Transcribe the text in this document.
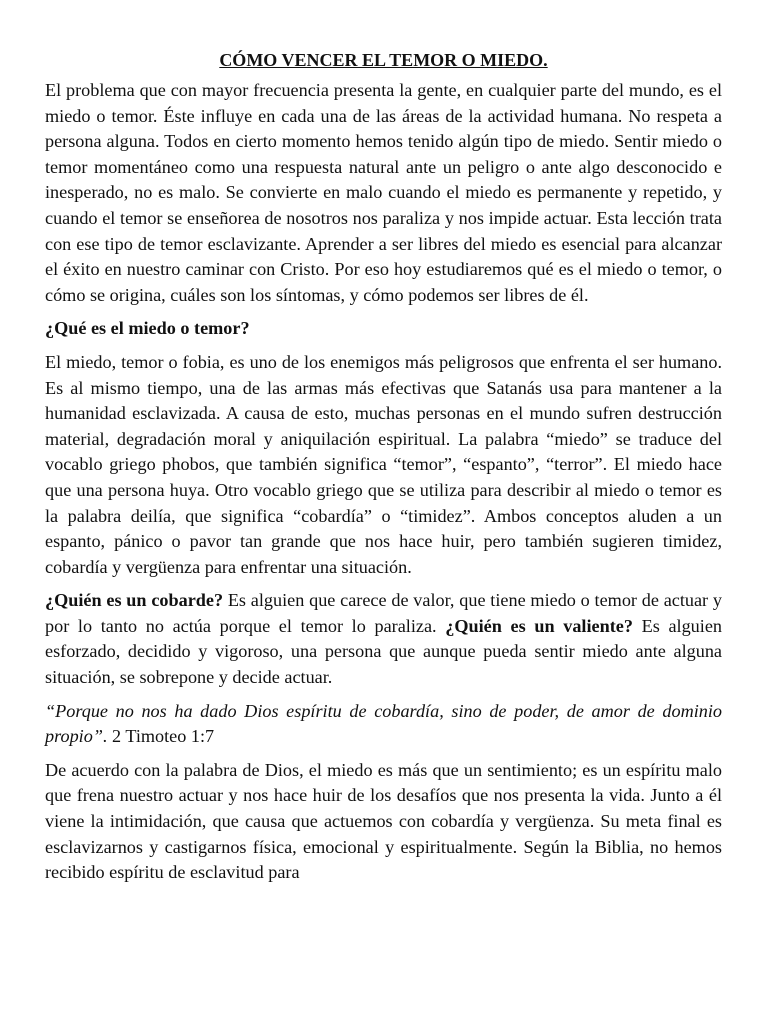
CÓMO VENCER EL TEMOR O MIEDO.

El problema que con mayor frecuencia presenta la gente, en cualquier parte del mundo, es el miedo o temor. Éste influye en cada una de las áreas de la actividad humana. No respeta a persona alguna. Todos en cierto momento hemos tenido algún tipo de miedo. Sentir miedo o temor momentáneo como una respuesta natural ante un peligro o ante algo desconocido e inesperado, no es malo. Se convierte en malo cuando el miedo es permanente y repetido, y cuando el temor se enseñorea de nosotros nos paraliza y nos impide actuar. Esta lección trata con ese tipo de temor esclavizante. Aprender a ser libres del miedo es esencial para alcanzar el éxito en nuestro caminar con Cristo. Por eso hoy estudiaremos qué es el miedo o temor, o cómo se origina, cuáles son los síntomas, y cómo podemos ser libres de él.

¿Qué es el miedo o temor?

El miedo, temor o fobia, es uno de los enemigos más peligrosos que enfrenta el ser humano. Es al mismo tiempo, una de las armas más efectivas que Satanás usa para mantener a la humanidad esclavizada. A causa de esto, muchas personas en el mundo sufren destrucción material, degradación moral y aniquilación espiritual. La palabra “miedo” se traduce del vocablo griego phobos, que también significa “temor”, “espanto”, “terror”. El miedo hace que una persona huya. Otro vocablo griego que se utiliza para describir al miedo o temor es la palabra deilía, que significa “cobardía” o “timidez”. Ambos conceptos aluden a un espanto, pánico o pavor tan grande que nos hace huir, pero también sugieren timidez, cobardía y vergüenza para enfrentar una situación.

¿Quién es un cobarde? Es alguien que carece de valor, que tiene miedo o temor de actuar y por lo tanto no actúa porque el temor lo paraliza. ¿Quién es un valiente? Es alguien esforzado, decidido y vigoroso, una persona que aunque pueda sentir miedo ante alguna situación, se sobrepone y decide actuar.

“Porque no nos ha dado Dios espíritu de cobardía, sino de poder, de amor de dominio propio”. 2 Timoteo 1:7

De acuerdo con la palabra de Dios, el miedo es más que un sentimiento; es un espíritu malo que frena nuestro actuar y nos hace huir de los desafíos que nos presenta la vida. Junto a él viene la intimidación, que causa que actuemos con cobardía y vergüenza. Su meta final es esclavizarnos y castigarnos física, emocional y espiritualmente. Según la Biblia, no hemos recibido espíritu de esclavitud para
